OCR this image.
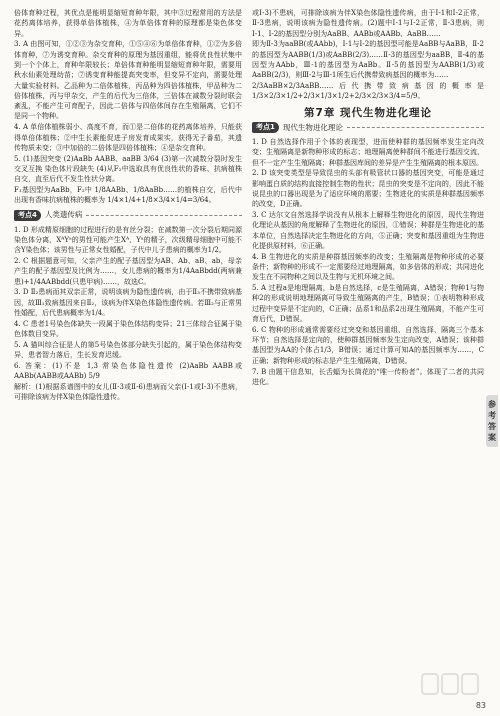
倍体育种过程，其优点是能明显缩短育种年限，其中③过程常用的方法是花药离体培养，获得单倍体植株，④为单倍体育种的原理都是染色体变异。

3. A 由图可知，①②③为杂交育种，①⑤④⑥为单倍体育种，①②为多倍体育种，⑦为诱变育种。杂交育种的原理为基因重组，能将优良性状集中到一个个体上，育种年限较长；单倍体育种能明显缩短育种年限，需要用秋水仙素处理幼苗；⑦诱变育种能提高突变率，但变异不定向，需要处理大量实验材料。乙品种为二倍体植株，丙品种为四倍体植株，甲品种为二倍体植株，丙与甲杂交，产生的后代为三倍体，三倍体在减数分裂时联会紊乱，不能产生可育配子，因此二倍体与四倍体间存在生殖隔离，它们不是同一个物种。

4. A 单倍体植株弱小、高度不育，而①是二倍体的花药离体培养，只能获得单倍体植株；②中生长素能促进子房发育成果实，获得无子番茄，其遗传物质未变；③中加倍的二倍体是四倍体植株；④是杂交育种。

5. (1)基因突变 (2)AaBb AABB、aaBB 3/64 (3)第一次减数分裂时发生交叉互换 染色体片段缺失 (4)从F₂中选取具有优良性状的香味、抗病植株自交，直至后代不发生性状分离。

F₁基因型为AaBb，F₂中 1/8AABb、1/8AaBb……的植株自交，后代中出现有香味抗病植株的概率为 1/4×1/4+1/8×3/4×1/4=3/64。

考点4	人类遗传病

1. D 形成精原细胞的过程进行的是有丝分裂；在减数第一次分裂后期同源染色体分离，XᴬYᵃ的男性可能产生Xᴬ、Yᵃ的精子，次级精母细胞中可能不含Y染色体；该男性与正常女性婚配，子代中儿子患病的概率为1/2。

2. C 根据题意可知，父亲产生的配子基因型为AB、Ab、aB、ab，母亲产生的配子基因型及比例为……，女儿患病的概率为1/4AaBbdd(两病兼患)+1/4AABbdd(只患甲病)……，故选C。

3. D Ⅱ₂患病而其双亲正常，说明该病为隐性遗传病，由于Ⅱ₃不携带致病基因，故Ⅲ₁致病基因来自Ⅱ₂，该病为伴X染色体隐性遗传病。若Ⅲ₂与正常男性婚配，后代患病概率为1/4。

4. C 患者1号染色体缺失一段属于染色体结构变异；21三体综合征属于染色体数目变异。

5. A 猫叫综合征是人的第5号染色体部分缺失引起的，属于染色体结构变异，患者智力落后，生长发育迟缓。

6. 答案：(1)不是 1,3 常染色体隐性遗传 (2)AaBb AABB或AABb(AABB或AABb) 5/9

解析：(1)根据系谱图中的女儿(Ⅱ-3或Ⅱ-6)患病而父亲(Ⅰ-1或Ⅰ-3)不患病，可排除该病为伴X染色体隐性遗传。

或Ⅰ-3)不患病，可排除该病为伴X染色体隐性遗传病，由于Ⅰ-1和Ⅰ-2正常，Ⅱ-3患病，说明该病为隐性遗传病。(2)题中Ⅰ-1与Ⅰ-2正常，Ⅱ-3患病，则Ⅰ-1、Ⅰ-2的基因型分别为AaBB、AABb或AABb、AaBB……

即为Ⅱ-3为aaBB(或AAbb)，Ⅰ-1与Ⅰ-2的基因型可能是AaBB与AaBB，Ⅱ-2的基因型为AABB(1/3)或AaBB(2/3)……Ⅱ-3的基因型为aaBB，Ⅱ-4的基因型为AAbb，Ⅲ-1的基因型为AaBb。Ⅱ-5的基因型为AABB(1/3)或AaBB(2/3)，则Ⅲ-2与Ⅲ-1所生后代携带致病基因的概率为……

2/3AaBB×2/3AaBB……后代携带致病基因的概率是1/3×2/3×1/2+2/3×1/3×1/2+2/3×2/3×3/4=5/9。

第7章 现代生物进化理论
考点1	现代生物进化理论

1. D 自然选择作用于个体的表现型，进而使种群的基因频率发生定向改变；生殖隔离是新物种形成的标志；地理隔离使种群间不能进行基因交流，但不一定产生生殖隔离；种群基因库间的差异是产生生殖隔离的根本原因。

2. D 该突变类型是导致昆虫的头部有吸管状口器的基因突变，可能是通过影响蛋白质的结构直接控制生物的性状；昆虫的突变是不定向的，因此不能说昆虫的口器出现是为了适应环境的需要；生物进化的实质是种群基因频率的改变，D正确。

3. C 达尔文自然选择学说没有从根本上解释生物进化的原因，现代生物进化理论从基因的角度解释了生物进化的原因，①错误；种群是生物进化的基本单位，自然选择决定生物进化的方向，⑤正确；突变和基因重组为生物进化提供原材料，⑥正确。

4. B 生物进化的实质是种群基因频率的改变；生殖隔离是物种形成的必要条件；新物种的形成不一定需要经过地理隔离，如多倍体的形成；共同进化发生在不同物种之间以及生物与无机环境之间。

5. A 过程a是地理隔离，b是自然选择，c是生殖隔离，A错误；物种1与物种2的形成说明地理隔离可导致生殖隔离的产生，B错误；①表明物种形成过程中变异是不定向的，C正确；品系1和品系2出现生殖隔离，不能产生可育后代，D错误。

6. C 物种的形成通常需要经过突变和基因重组、自然选择、隔离三个基本环节；自然选择是定向的，使种群基因频率发生定向改变，A错误；该种群基因型为AA的个体占1/3，B错误；通过计算可知A的基因频率为……，C正确；新物种形成的标志是产生生殖隔离，D错误。

7. B 由题干信息知，长舌蝠为长筒花的“唯一传粉者”。体现了二者的共同进化。

参考答案
83
